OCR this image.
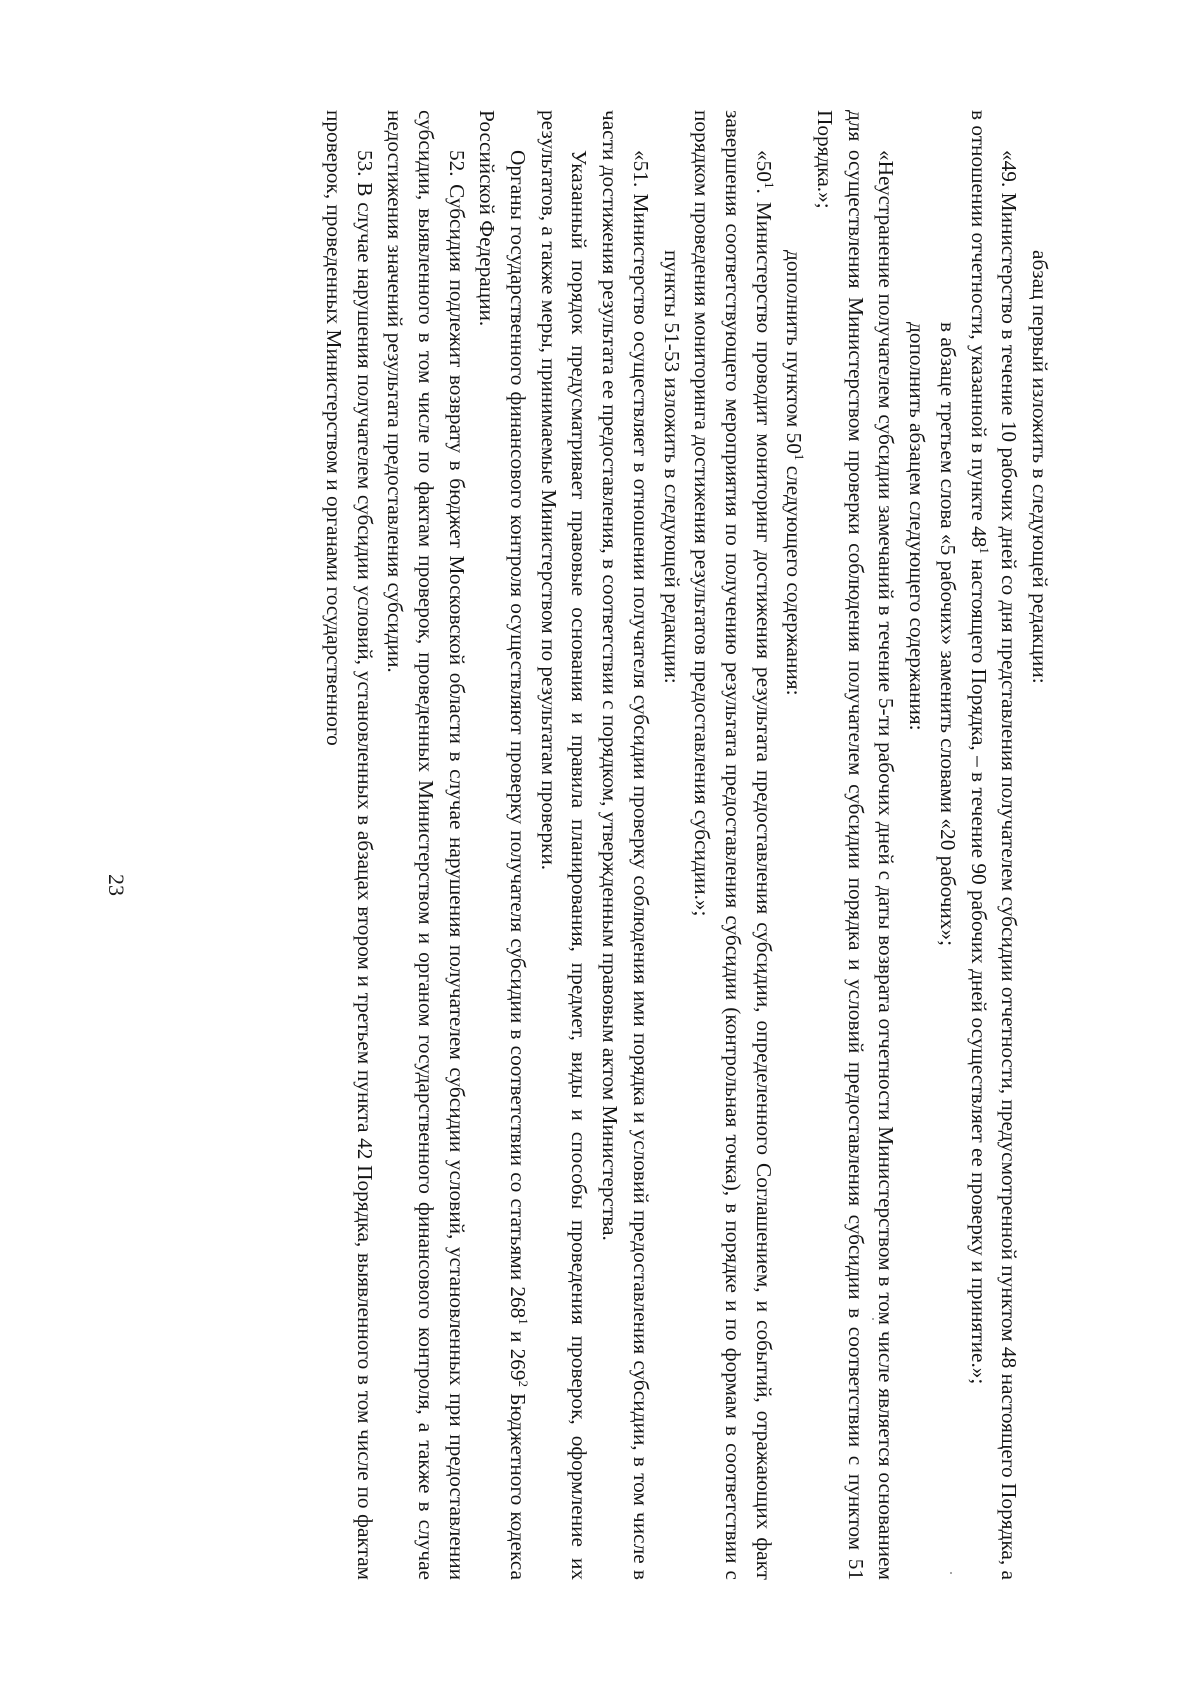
23

абзац первый изложить в следующей редакции:

«49. Министерство в течение 10 рабочих дней со дня представления получателем субсидии отчетности, предусмотренной пунктом 48 настоящего Порядка, а в отношении отчетности, указанной в пункте $48^1$ настоящего Порядка, – в течение 90 рабочих дней осуществляет ее проверку и принятие.»;

в абзаце третьем слова «5 рабочих» заменить словами «20 рабочих»;

дополнить абзацем следующего содержания:

«Неустранение получателем субсидии замечаний в течение 5-ти рабочих дней с даты возврата отчетности Министерством в том числе является основанием для осуществления Министерством проверки соблюдения получателем субсидии порядка и условий предоставления субсидии в соответствии с пунктом 51 Порядка.»;

дополнить пунктом $50^1$ следующего содержания:

«$50^1$. Министерство проводит мониторинг достижения результата предоставления субсидии, определенного Соглашением, и событий, отражающих факт завершения соответствующего мероприятия по получению результата предоставления субсидии (контрольная точка), в порядке и по формам в соответствии с порядком проведения мониторинга достижения результатов предоставления субсидии.»;

пункты 51-53 изложить в следующей редакции:

«51. Министерство осуществляет в отношении получателя субсидии проверку соблюдения ими порядка и условий предоставления субсидии, в том числе в части достижения результата ее предоставления, в соответствии с порядком, утвержденным правовым актом Министерства.

Указанный порядок предусматривает правовые основания и правила планирования, предмет, виды и способы проведения проверок, оформление их результатов, а также меры, принимаемые Министерством по результатам проверки.

Органы государственного финансового контроля осуществляют проверку получателя субсидии в соответствии со статьями $268^1$ и $269^2$ Бюджетного кодекса Российской Федерации.

52. Субсидия подлежит возврату в бюджет Московской области в случае нарушения получателем субсидии условий, установленных при предоставлении субсидии, выявленного в том числе по фактам проверок, проведенных Министерством и органом государственного финансового контроля, а также в случае недостижения значений результата предоставления субсидии.

53. В случае нарушения получателем субсидии условий, установленных в абзацах втором и третьем пункта 42 Порядка, выявленного в том числе по фактам проверок, проведенных Министерством и органами государственного
